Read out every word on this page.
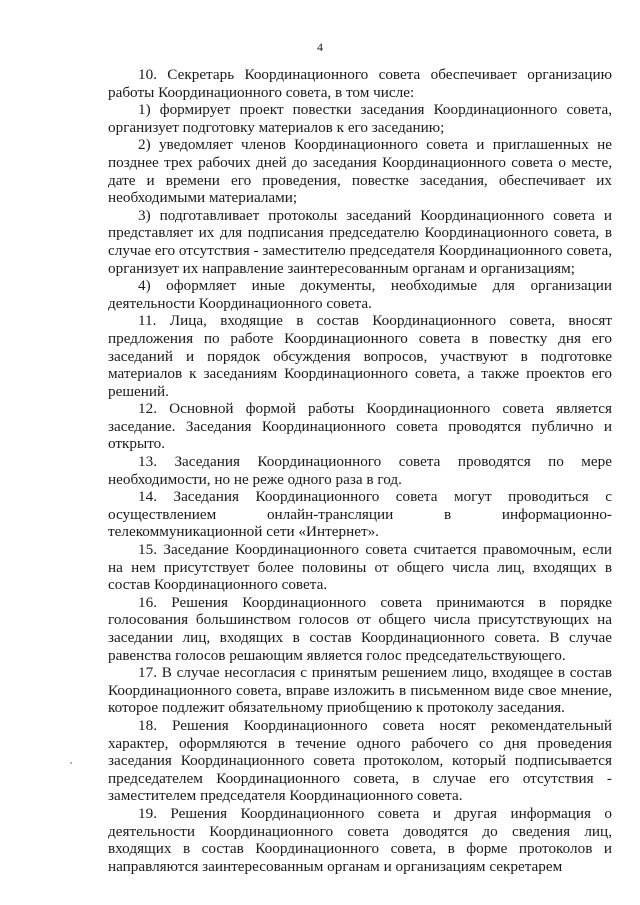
4

10. Секретарь Координационного совета обеспечивает организацию работы Координационного совета, в том числе:

1) формирует проект повестки заседания Координационного совета, организует подготовку материалов к его заседанию;

2) уведомляет членов Координационного совета и приглашенных не позднее трех рабочих дней до заседания Координационного совета о месте, дате и времени его проведения, повестке заседания, обеспечивает их необходимыми материалами;

3) подготавливает протоколы заседаний Координационного совета и представляет их для подписания председателю Координационного совета, в случае его отсутствия - заместителю председателя Координационного совета, организует их направление заинтересованным органам и организациям;

4) оформляет иные документы, необходимые для организации деятельности Координационного совета.

11. Лица, входящие в состав Координационного совета, вносят предложения по работе Координационного совета в повестку дня его заседаний и порядок обсуждения вопросов, участвуют в подготовке материалов к заседаниям Координационного совета, а также проектов его решений.

12. Основной формой работы Координационного совета является заседание. Заседания Координационного совета проводятся публично и открыто.

13. Заседания Координационного совета проводятся по мере необходимости, но не реже одного раза в год.

14. Заседания Координационного совета могут проводиться с осуществлением онлайн-трансляции в информационно-телекоммуникационной сети «Интернет».

15. Заседание Координационного совета считается правомочным, если на нем присутствует более половины от общего числа лиц, входящих в состав Координационного совета.

16. Решения Координационного совета принимаются в порядке голосования большинством голосов от общего числа присутствующих на заседании лиц, входящих в состав Координационного совета. В случае равенства голосов решающим является голос председательствующего.

17. В случае несогласия с принятым решением лицо, входящее в состав Координационного совета, вправе изложить в письменном виде свое мнение, которое подлежит обязательному приобщению к протоколу заседания.

18. Решения Координационного совета носят рекомендательный характер, оформляются в течение одного рабочего со дня проведения заседания Координационного совета протоколом, который подписывается председателем Координационного совета, в случае его отсутствия - заместителем председателя Координационного совета.

19. Решения Координационного совета и другая информация о деятельности Координационного совета доводятся до сведения лиц, входящих в состав Координационного совета, в форме протоколов и направляются заинтересованным органам и организациям секретарем
